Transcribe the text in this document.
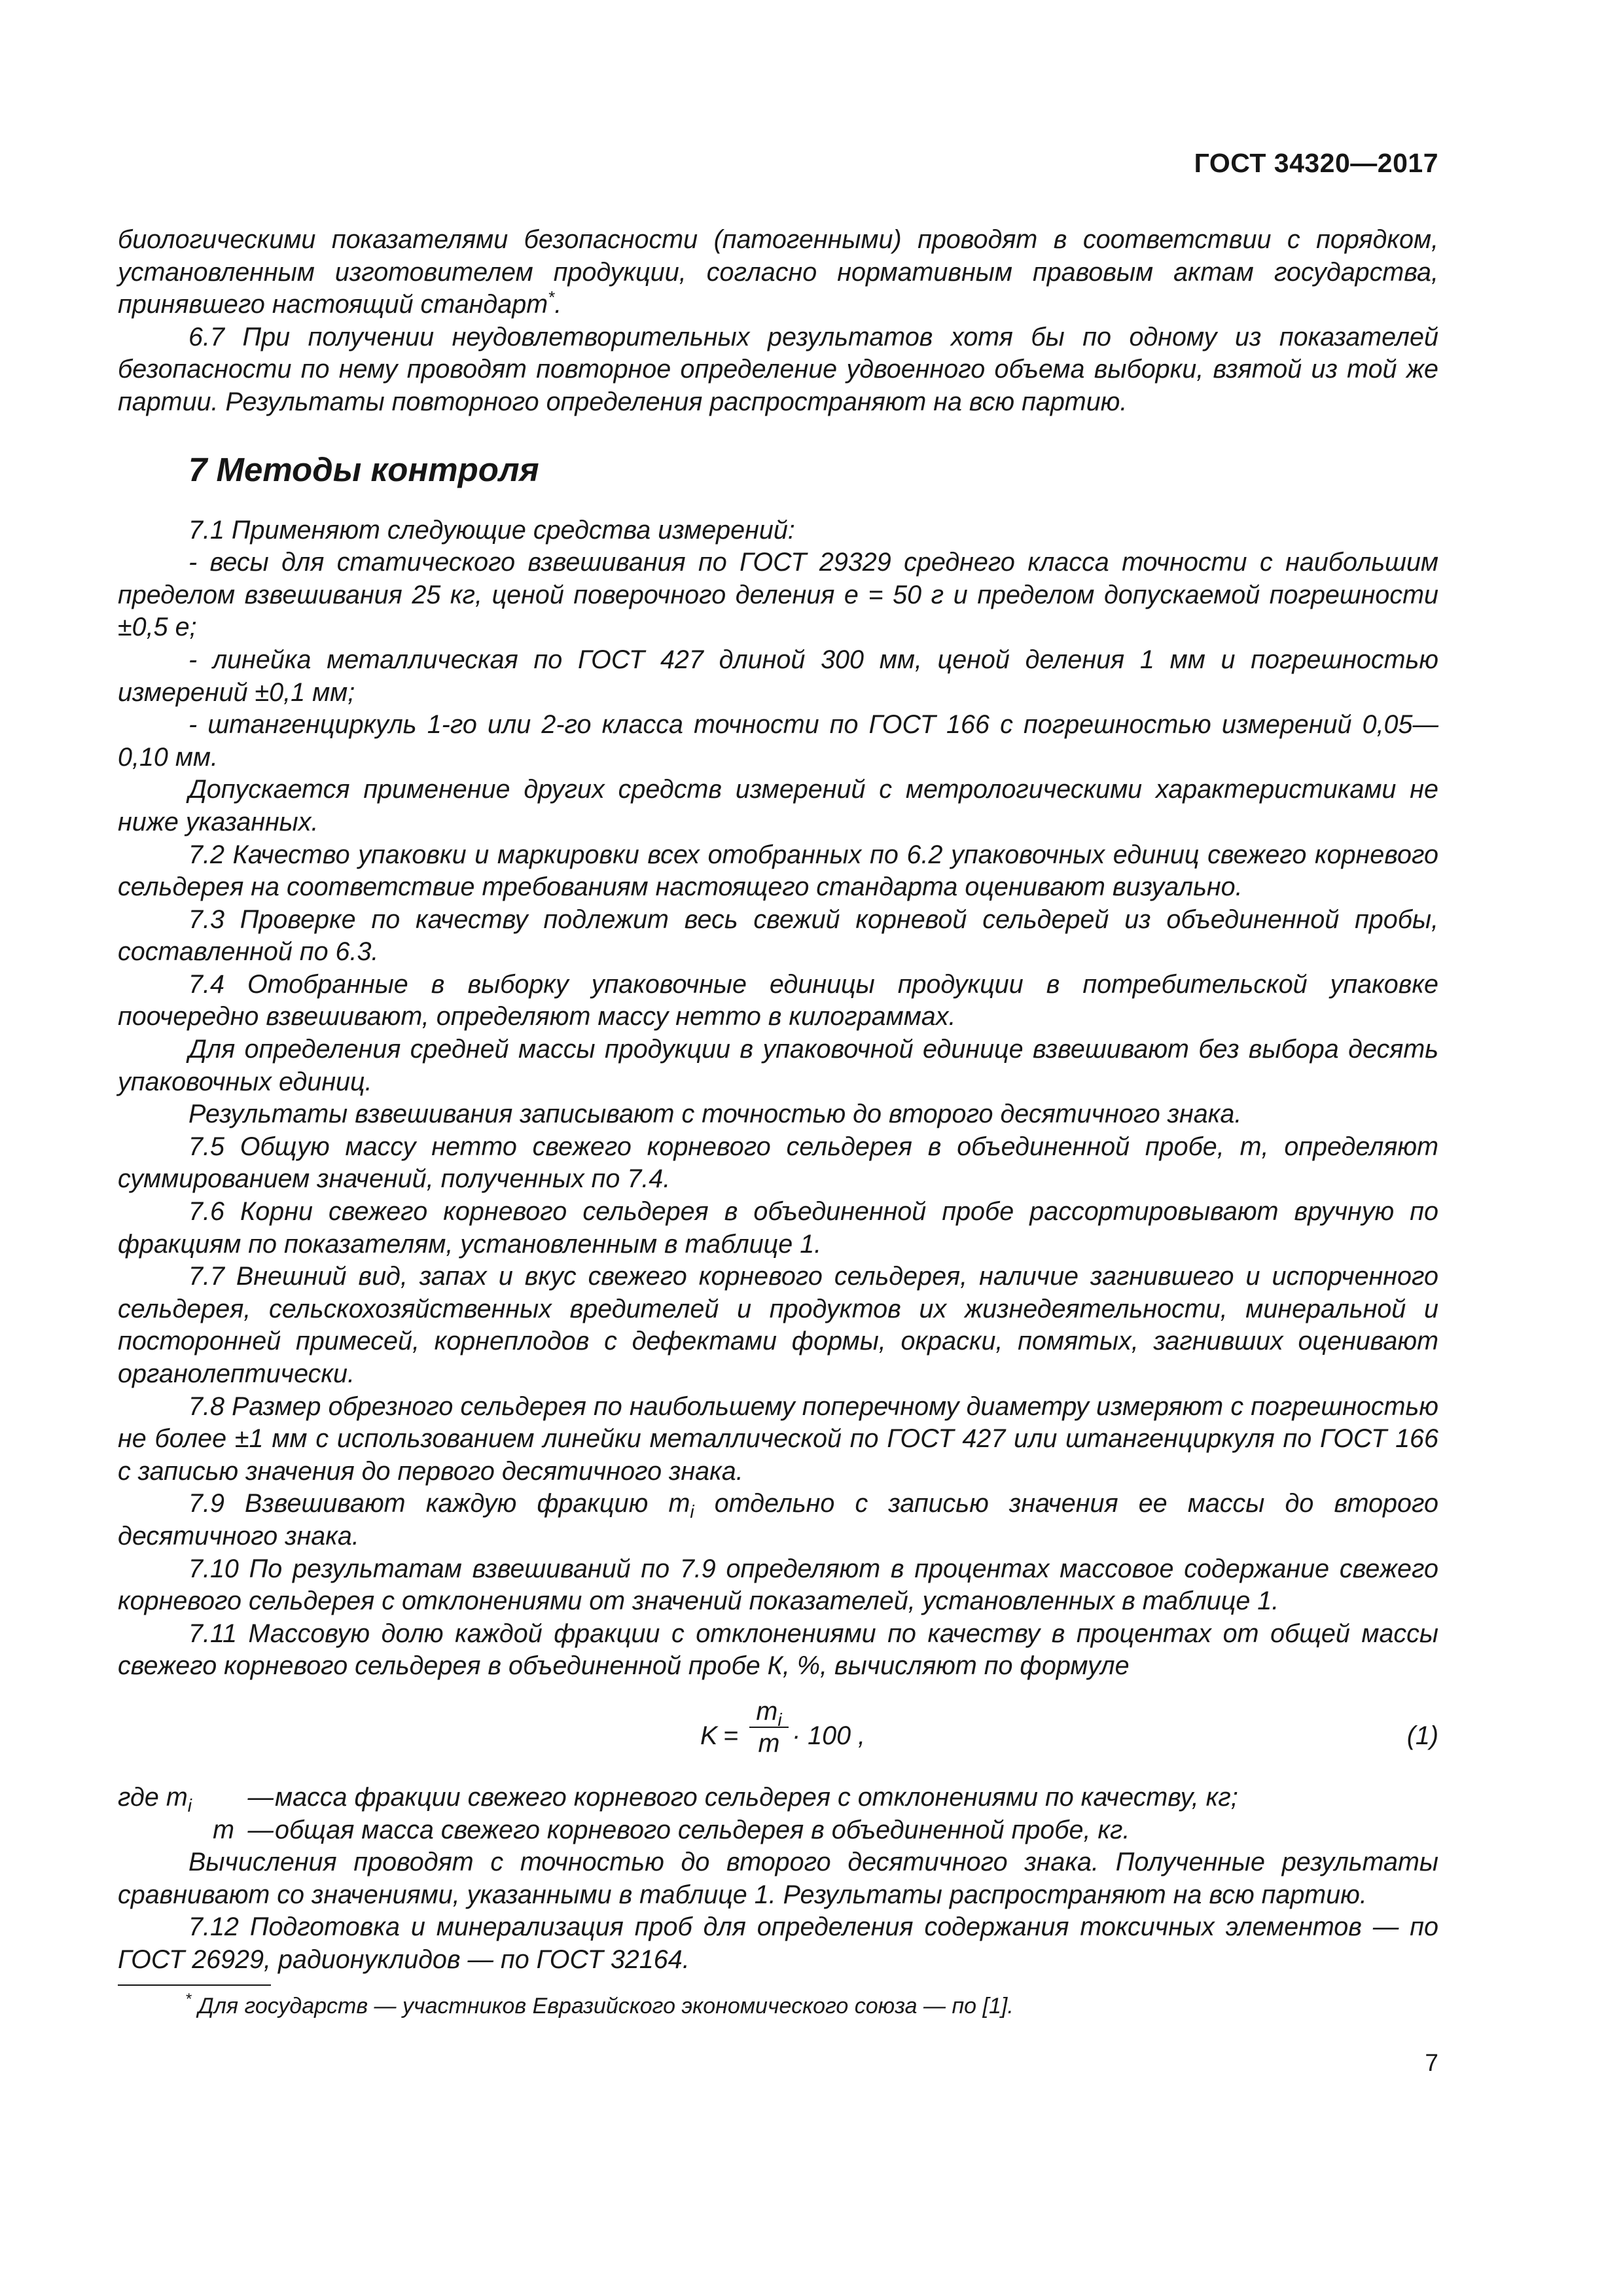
ГОСТ 34320—2017

биологическими показателями безопасности (патогенными) проводят в соответствии с порядком, установленным изготовителем продукции, согласно нормативным правовым актам государства, принявшего настоящий стандарт*.

6.7 При получении неудовлетворительных результатов хотя бы по одному из показателей безопасности по нему проводят повторное определение удвоенного объема выборки, взятой из той же партии. Результаты повторного определения распространяют на всю партию.

7 Методы контроля

7.1 Применяют следующие средства измерений:

- весы для статического взвешивания по ГОСТ 29329 среднего класса точности с наибольшим пределом взвешивания 25 кг, ценой поверочного деления е = 50 г и пределом допускаемой погрешности ±0,5 е;

- линейка металлическая по ГОСТ 427 длиной 300 мм, ценой деления 1 мм и погрешностью измерений ±0,1 мм;

- штангенциркуль 1-го или 2-го класса точности по ГОСТ 166 с погрешностью измерений 0,05—0,10 мм.

Допускается применение других средств измерений с метрологическими характеристиками не ниже указанных.

7.2 Качество упаковки и маркировки всех отобранных по 6.2 упаковочных единиц свежего корневого сельдерея на соответствие требованиям настоящего стандарта оценивают визуально.

7.3 Проверке по качеству подлежит весь свежий корневой сельдерей из объединенной пробы, составленной по 6.3.

7.4 Отобранные в выборку упаковочные единицы продукции в потребительской упаковке поочередно взвешивают, определяют массу нетто в килограммах.

Для определения средней массы продукции в упаковочной единице взвешивают без выбора десять упаковочных единиц.

Результаты взвешивания записывают с точностью до второго десятичного знака.

7.5 Общую массу нетто свежего корневого сельдерея в объединенной пробе, m, определяют суммированием значений, полученных по 7.4.

7.6 Корни свежего корневого сельдерея в объединенной пробе рассортировывают вручную по фракциям по показателям, установленным в таблице 1.

7.7 Внешний вид, запах и вкус свежего корневого сельдерея, наличие загнившего и испорченного сельдерея, сельскохозяйственных вредителей и продуктов их жизнедеятельности, минеральной и посторонней примесей, корнеплодов с дефектами формы, окраски, помятых, загнивших оценивают органолептически.

7.8 Размер обрезного сельдерея по наибольшему поперечному диаметру измеряют с погрешностью не более ±1 мм с использованием линейки металлической по ГОСТ 427 или штангенциркуля по ГОСТ 166 с записью значения до первого десятичного знака.

7.9 Взвешивают каждую фракцию $m_i$ отдельно с записью значения ее массы до второго десятичного знака.

7.10 По результатам взвешиваний по 7.9 определяют в процентах массовое содержание свежего корневого сельдерея с отклонениями от значений показателей, установленных в таблице 1.

7.11 Массовую долю каждой фракции с отклонениями по качеству в процентах от общей массы свежего корневого сельдерея в объединенной пробе К, %, вычисляют по формуле

K =
$m_i$
m · 100 ,	(1)
где $m_i$	— масса фракции свежего корневого сельдерея с отклонениями по качеству, кг;
m — общая масса свежего корневого сельдерея в объединенной пробе, кг.

Вычисления проводят с точностью до второго десятичного знака. Полученные результаты сравнивают со значениями, указанными в таблице 1. Результаты распространяют на всю партию.

7.12 Подготовка и минерализация проб для определения содержания токсичных элементов — по ГОСТ 26929, радионуклидов — по ГОСТ 32164.

* Для государств — участников Евразийского экономического союза — по [1].
7
